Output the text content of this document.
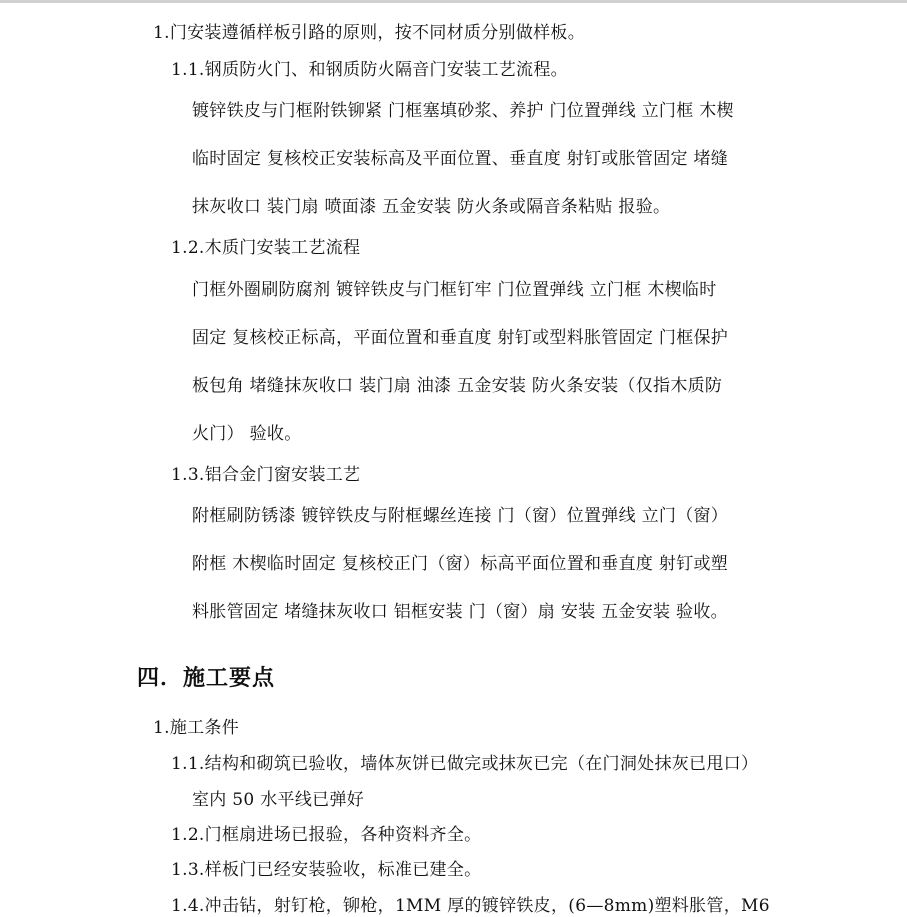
1.门安装遵循样板引路的原则，按不同材质分别做样板。
1.1.钢质防火门、和钢质防火隔音门安装工艺流程。
镀锌铁皮与门框附铁铆紧 门框塞填砂浆、养护 门位置弹线 立门框 木楔
临时固定 复核校正安装标高及平面位置、垂直度 射钉或胀管固定 堵缝
抹灰收口 装门扇 喷面漆 五金安装 防火条或隔音条粘贴 报验。
1.2.木质门安装工艺流程
门框外圈刷防腐剂 镀锌铁皮与门框钉牢 门位置弹线 立门框 木楔临时
固定 复核校正标高，平面位置和垂直度 射钉或型料胀管固定 门框保护
板包角 堵缝抹灰收口 装门扇 油漆 五金安装 防火条安装（仅指木质防
火门） 验收。
1.3.铝合金门窗安装工艺
附框刷防锈漆 镀锌铁皮与附框螺丝连接 门（窗）位置弹线 立门（窗）
附框 木楔临时固定 复核校正门（窗）标高平面位置和垂直度 射钉或塑
料胀管固定 堵缝抹灰收口 铝框安装 门（窗）扇 安装 五金安装 验收。
四．施工要点
1.施工条件
1.1.结构和砌筑已验收，墙体灰饼已做完或抹灰已完（在门洞处抹灰已甩口）
室内 50 水平线已弹好
1.2.门框扇进场已报验，各种资料齐全。
1.3.样板门已经安装验收，标准已建全。
1.4.冲击钻，射钉枪，铆枪，1MM 厚的镀锌铁皮，(6—8mm)塑料胀管，M6
